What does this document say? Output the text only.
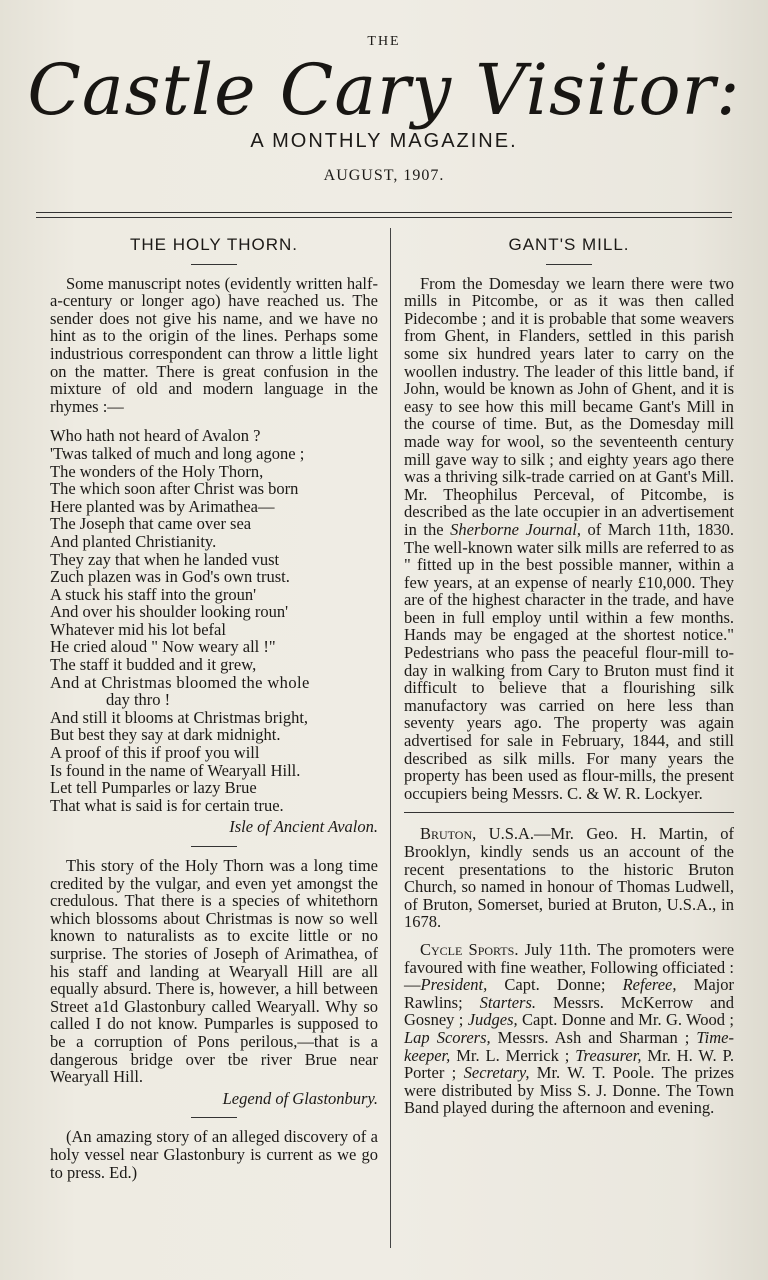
THE
Castle Cary Visitor:
A MONTHLY MAGAZINE.
AUGUST, 1907.
THE HOLY THORN.

Some manuscript notes (evidently written half-a-century or longer ago) have reached us. The sender does not give his name, and we have no hint as to the origin of the lines. Perhaps some industrious correspondent can throw a little light on the matter. There is great confusion in the mixture of old and modern language in the rhymes :—

Who hath not heard of Avalon ?
'Twas talked of much and long agone ;
The wonders of the Holy Thorn,
The which soon after Christ was born
Here planted was by Arimathea—
The Joseph that came over sea
And planted Christianity.
They zay that when he landed vust
Zuch plazen was in God's own trust.
A stuck his staff into the groun'
And over his shoulder looking roun'
Whatever mid his lot befal
He cried aloud " Now weary all !"
The staff it budded and it grew,
And at Christmas bloomed the whole
day thro !
And still it blooms at Christmas bright,
But best they say at dark midnight.
A proof of this if proof you will
Is found in the name of Wearyall Hill.
Let tell Pumparles or lazy Brue
That what is said is for certain true.
Isle of Ancient Avalon.

This story of the Holy Thorn was a long time credited by the vulgar, and even yet amongst the credulous. That there is a species of whitethorn which blossoms about Christmas is now so well known to naturalists as to excite little or no surprise. The stories of Joseph of Arimathea, of his staff and landing at Wearyall Hill are all equally absurd. There is, however, a hill between Street a1d Glastonbury called Wearyall. Why so called I do not know. Pumparles is supposed to be a corruption of Pons perilous,—that is a dangerous bridge over tbe river Brue near Wearyall Hill.

Legend of Glastonbury.

(An amazing story of an alleged discovery of a holy vessel near Glastonbury is current as we go to press. Ed.)

GANT'S MILL.

From the Domesday we learn there were two mills in Pitcombe, or as it was then called Pidecombe ; and it is probable that some weavers from Ghent, in Flanders, settled in this parish some six hundred years later to carry on the woollen industry. The leader of this little band, if John, would be known as John of Ghent, and it is easy to see how this mill became Gant's Mill in the course of time. But, as the Domesday mill made way for wool, so the seventeenth century mill gave way to silk ; and eighty years ago there was a thriving silk-trade carried on at Gant's Mill. Mr. Theophilus Perceval, of Pitcombe, is described as the late occupier in an advertisement in the Sherborne Journal, of March 11th, 1830. The well-known water silk mills are referred to as " fitted up in the best possible manner, within a few years, at an expense of nearly £10,000. They are of the highest character in the trade, and have been in full employ until within a few months. Hands may be engaged at the shortest notice." Pedestrians who pass the peaceful flour-mill to-day in walking from Cary to Bruton must find it difficult to believe that a flourishing silk manufactory was carried on here less than seventy years ago. The property was again advertised for sale in February, 1844, and still described as silk mills. For many years the property has been used as flour-mills, the present occupiers being Messrs. C. & W. R. Lockyer.

Bruton, U.S.A.—Mr. Geo. H. Martin, of Brooklyn, kindly sends us an account of the recent presentations to the historic Bruton Church, so named in honour of Thomas Ludwell, of Bruton, Somerset, buried at Bruton, U.S.A., in 1678.

Cycle Sports. July 11th. The promoters were favoured with fine weather, Following officiated :—President, Capt. Donne; Referee, Major Rawlins; Starters. Messrs. McKerrow and Gosney ; Judges, Capt. Donne and Mr. G. Wood ; Lap Scorers, Messrs. Ash and Sharman ; Time-keeper, Mr. L. Merrick ; Treasurer, Mr. H. W. P. Porter ; Secretary, Mr. W. T. Poole. The prizes were distributed by Miss S. J. Donne. The Town Band played during the afternoon and evening.
